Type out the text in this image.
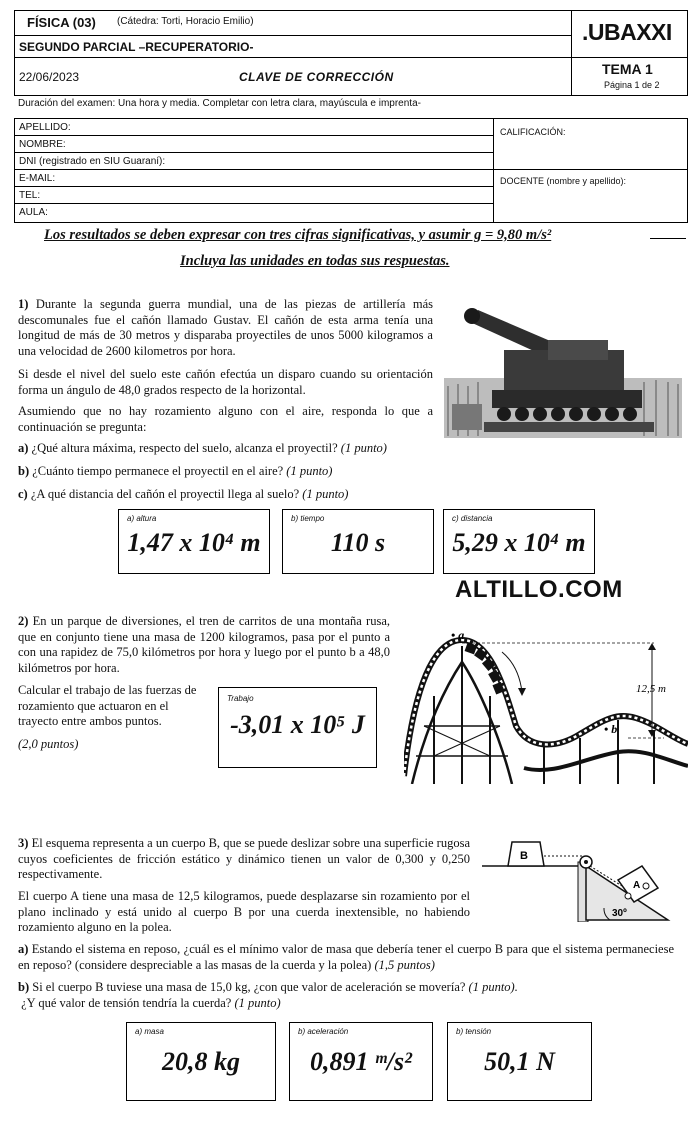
FÍSICA (03) (Cátedra: Torti, Horacio Emilio)
SEGUNDO PARCIAL –RECUPERATORIO-
22/06/2023	CLAVE DE CORRECCIÓN
.UBAXXI
TEMA 1
Página 1 de 2
Duración del examen: Una hora y media. Completar con letra clara, mayúscula e imprenta-
APELLIDO:
NOMBRE:
DNI (registrado en SIU Guaraní):
E-MAIL:
TEL:
AULA:
CALIFICACIÓN:
DOCENTE (nombre y apellido):
Los resultados se deben expresar con tres cifras significativas, y asumir g = 9,80 m/s²
Incluya las unidades en todas sus respuestas.
1) Durante la segunda guerra mundial, una de las piezas de artillería más descomunales fue el cañón llamado Gustav. El cañón de esta arma tenía una longitud de más de 30 metros y disparaba proyectiles de unos 5000 kilogramos a una velocidad de 2600 kilometros por hora.
Si desde el nivel del suelo este cañón efectúa un disparo cuando su orientación forma un ángulo de 48,0 grados respecto de la horizontal.
Asumiendo que no hay rozamiento alguno con el aire, responda lo que a continuación se pregunta:
a) ¿Qué altura máxima, respecto del suelo, alcanza el proyectil? (1 punto)
b) ¿Cuánto tiempo permanece el proyectil en el aire? (1 punto)
c) ¿A qué distancia del cañón el proyectil llega al suelo? (1 punto)
a) altura
1,47 x 10⁴ m
b) tiempo
110 s
c) distancia
5,29 x 10⁴ m
ALTILLO.COM
2) En un parque de diversiones, el tren de carritos de una montaña rusa, que en conjunto tiene una masa de 1200 kilogramos, pasa por el punto a con una rapidez de 75,0 kilómetros por hora y luego por el punto b a 48,0 kilómetros por hora.
Calcular el trabajo de las fuerzas de rozamiento que actuaron en el trayecto entre ambos puntos.
(2,0 puntos)
Trabajo
-3,01 x 10⁵ J
• a
• b
12,5 m
3) El esquema representa a un cuerpo B, que se puede deslizar sobre una superficie rugosa cuyos coeficientes de fricción estático y dinámico tienen un valor de 0,300 y 0,250 respectivamente.
El cuerpo A tiene una masa de 12,5 kilogramos, puede desplazarse sin rozamiento por el plano inclinado y está unido al cuerpo B por una cuerda inextensible, no habiendo rozamiento alguno en la polea.
a) Estando el sistema en reposo, ¿cuál es el mínimo valor de masa que debería tener el cuerpo B para que el sistema permaneciese en reposo? (considere despreciable a las masas de la cuerda y la polea) (1,5 puntos)
b) Si el cuerpo B tuviese una masa de 15,0 kg, ¿con que valor de aceleración se movería? (1 punto).
¿Y qué valor de tensión tendría la cuerda? (1 punto)
B
A
30º
a) masa
20,8 kg
b) aceleración
0,891 ᵐ/s²
b) tensión
50,1 N
